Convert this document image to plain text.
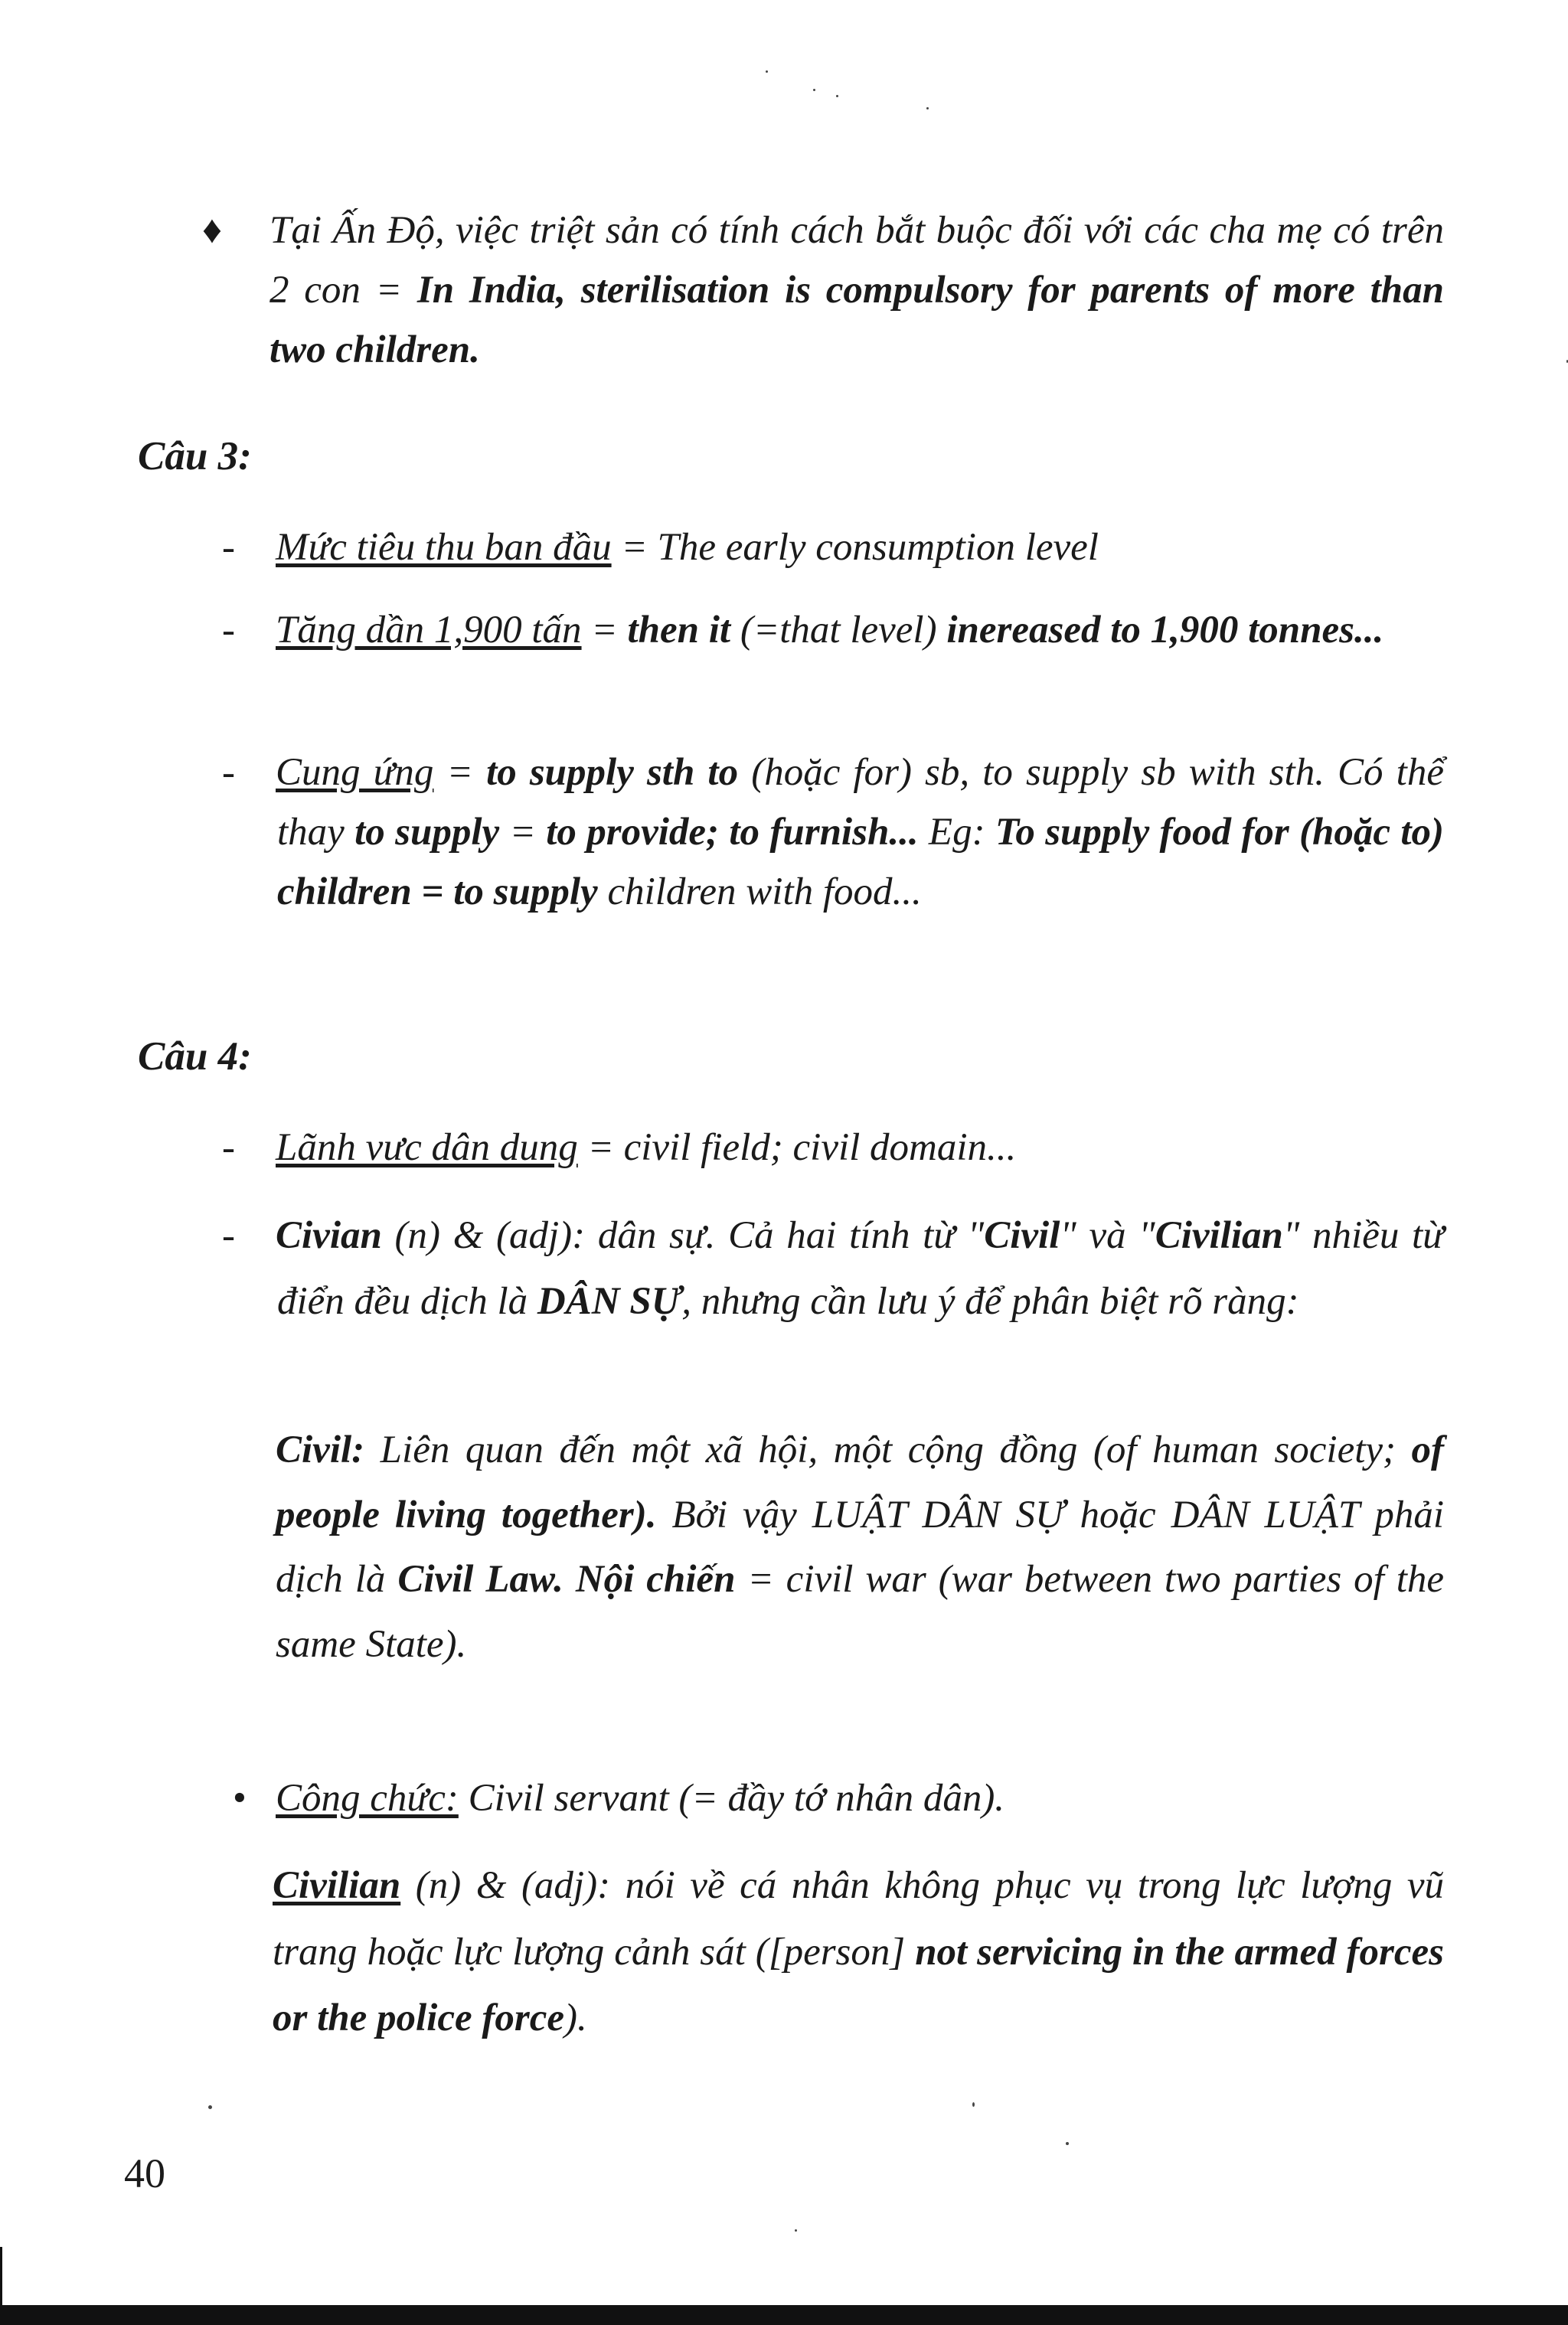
♦ Tại Ấn Độ, việc triệt sản có tính cách bắt buộc đối với các cha mẹ có trên 2 con = In India, sterilisation is compulsory for parents of more than two children.

Câu 3:

- Mức tiêu thu ban đầu = The early consumption level

- Tăng dần 1,900 tấn = then it (=that level) inereased to 1,900 tonnes...

- Cung ứng = to supply sth to (hoặc for) sb, to supply sb with sth. Có thể thay to supply = to provide; to furnish... Eg: To supply food for (hoặc to) children = to supply children with food...

Câu 4:

- Lãnh vưc dân dung = civil field; civil domain...

- Civian (n) & (adj): dân sự. Cả hai tính từ "Civil" và "Civilian" nhiều từ điển đều dịch là DÂN SỰ, nhưng cần lưu ý để phân biệt rõ ràng:

Civil: Liên quan đến một xã hội, một cộng đồng (of human society; of people living together). Bởi vậy LUẬT DÂN SỰ hoặc DÂN LUẬT phải dịch là Civil Law. Nội chiến = civil war (war between two parties of the same State).

• Công chức: Civil servant (= đầy tớ nhân dân).

Civilian (n) & (adj): nói về cá nhân không phục vụ trong lực lượng vũ trang hoặc lực lượng cảnh sát ([person] not servicing in the armed forces or the police force).

40
